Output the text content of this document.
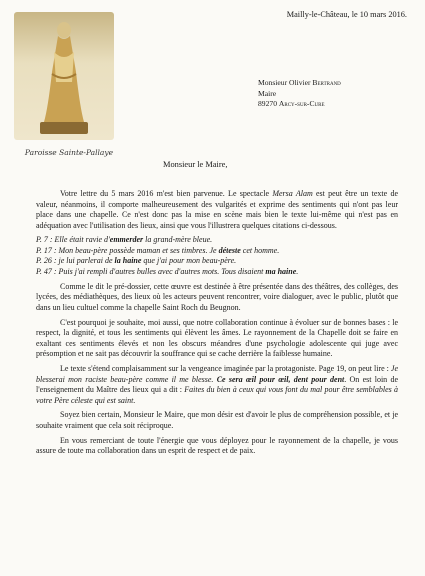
Paroisse Sainte-Pallaye
Mailly-le-Château, le 10 mars 2016.
Monsieur Olivier Bertrand
Maire
89270 Arcy-sur-Cure
Monsieur le Maire,

Votre lettre du 5 mars 2016 m'est bien parvenue. Le spectacle Mersa Alam est peut être un texte de valeur, néanmoins, il comporte malheureusement des vulgarités et exprime des sentiments qui n'ont pas leur place dans une chapelle. Ce n'est donc pas la mise en scène mais bien le texte lui-même qui n'est pas en adéquation avec l'utilisation des lieux, ainsi que vous l'illustrera quelques citations ci-dessous.

P. 7 : Elle était ravie d'emmerder la grand-mère bleue.
P. 17 : Mon beau-père possède maman et ses timbres. Je déteste cet homme.
P. 26 : je lui parlerai de la haine que j'ai pour mon beau-père.
P. 47 : Puis j'ai rempli d'autres bulles avec d'autres mots. Tous disaient ma haine.

Comme le dit le pré-dossier, cette œuvre est destinée à être présentée dans des théâtres, des collèges, des lycées, des médiathèques, des lieux où les acteurs peuvent rencontrer, voire dialoguer, avec le public, plutôt que dans un lieu cultuel comme la chapelle Saint Roch du Beugnon.

C'est pourquoi je souhaite, moi aussi, que notre collaboration continue à évoluer sur de bonnes bases : le respect, la dignité, et tous les sentiments qui élèvent les âmes. Le rayonnement de la Chapelle doit se faire en exaltant ces sentiments élevés et non les obscurs méandres d'une psychologie adolescente qui juge avec présomption et ne sait pas découvrir la souffrance qui se cache derrière la faiblesse humaine.

Le texte s'étend complaisamment sur la vengeance imaginée par la protagoniste. Page 19, on peut lire : Je blesserai mon raciste beau-père comme il me blesse. Ce sera œil pour œil, dent pour dent. On est loin de l'enseignement du Maître des lieux qui a dit : Faites du bien à ceux qui vous font du mal pour être semblables à votre Père céleste qui est saint.

Soyez bien certain, Monsieur le Maire, que mon désir est d'avoir le plus de compréhension possible, et je souhaite vraiment que cela soit réciproque.

En vous remerciant de toute l'énergie que vous déployez pour le rayonnement de la chapelle, je vous assure de toute ma collaboration dans un esprit de respect et de paix.
